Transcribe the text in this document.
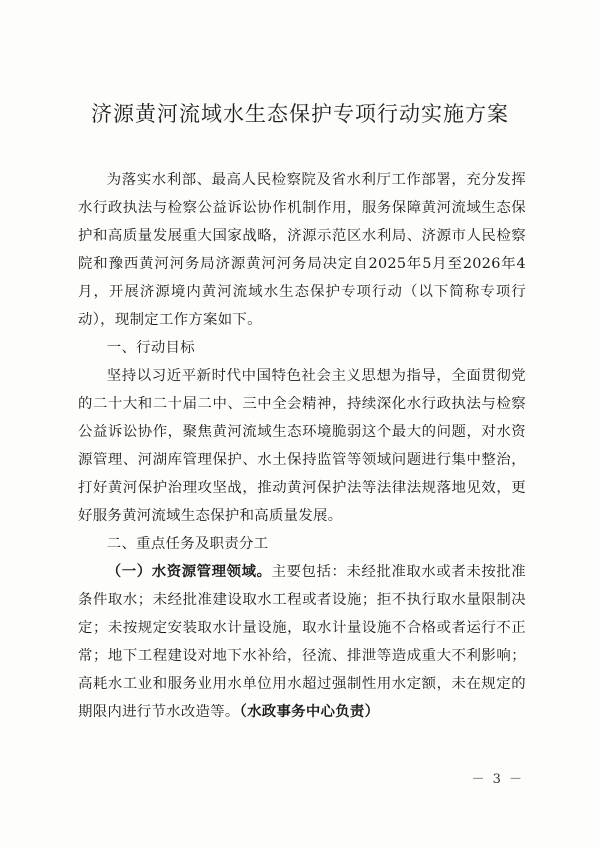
济源黄河流域水生态保护专项行动实施方案

为落实水利部、最高人民检察院及省水利厅工作部署，充分发挥水行政执法与检察公益诉讼协作机制作用，服务保障黄河流域生态保护和高质量发展重大国家战略，济源示范区水利局、济源市人民检察院和豫西黄河河务局济源黄河河务局决定自2025年5月至2026年4月，开展济源境内黄河流域水生态保护专项行动（以下简称专项行动），现制定工作方案如下。

一、行动目标

坚持以习近平新时代中国特色社会主义思想为指导，全面贯彻党的二十大和二十届二中、三中全会精神，持续深化水行政执法与检察公益诉讼协作，聚焦黄河流域生态环境脆弱这个最大的问题，对水资源管理、河湖库管理保护、水土保持监管等领域问题进行集中整治，打好黄河保护治理攻坚战，推动黄河保护法等法律法规落地见效，更好服务黄河流域生态保护和高质量发展。

二、重点任务及职责分工

（一）水资源管理领域。主要包括：未经批准取水或者未按批准条件取水；未经批准建设取水工程或者设施；拒不执行取水量限制决定；未按规定安装取水计量设施，取水计量设施不合格或者运行不正常；地下工程建设对地下水补给，径流、排泄等造成重大不利影响；高耗水工业和服务业用水单位用水超过强制性用水定额，未在规定的期限内进行节水改造等。（水政事务中心负责）

－ 3 －
